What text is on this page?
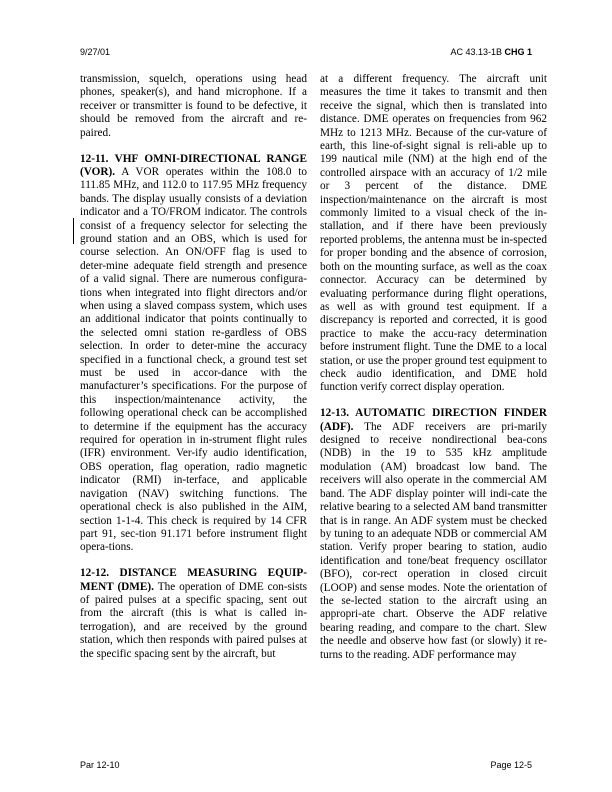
9/27/01	AC 43.13-1B CHG 1

transmission, squelch, operations using head phones, speaker(s), and hand microphone. If a receiver or transmitter is found to be defective, it should be removed from the aircraft and re-paired.

12-11. VHF OMNI-DIRECTIONAL RANGE (VOR). A VOR operates within the 108.0 to 111.85 MHz, and 112.0 to 117.95 MHz frequency bands. The display usually consists of a deviation indicator and a TO/FROM indicator. The controls consist of a frequency selector for selecting the ground station and an OBS, which is used for course selection. An ON/OFF flag is used to deter-mine adequate field strength and presence of a valid signal. There are numerous configura-tions when integrated into flight directors and/or when using a slaved compass system, which uses an additional indicator that points continually to the selected omni station re-gardless of OBS selection. In order to deter-mine the accuracy specified in a functional check, a ground test set must be used in accor-dance with the manufacturer’s specifications. For the purpose of this inspection/maintenance activity, the following operational check can be accomplished to determine if the equipment has the accuracy required for operation in in-strument flight rules (IFR) environment. Ver-ify audio identification, OBS operation, flag operation, radio magnetic indicator (RMI) in-terface, and applicable navigation (NAV) switching functions. The operational check is also published in the AIM, section 1-1-4. This check is required by 14 CFR part 91, sec-tion 91.171 before instrument flight opera-tions.

12-12. DISTANCE MEASURING EQUIP-MENT (DME). The operation of DME con-sists of paired pulses at a specific spacing, sent out from the aircraft (this is what is called in-terrogation), and are received by the ground station, which then responds with paired pulses at the specific spacing sent by the aircraft, but

at a different frequency. The aircraft unit measures the time it takes to transmit and then receive the signal, which then is translated into distance. DME operates on frequencies from 962 MHz to 1213 MHz. Because of the cur-vature of earth, this line-of-sight signal is reli-able up to 199 nautical mile (NM) at the high end of the controlled airspace with an accuracy of 1/2 mile or 3 percent of the distance. DME inspection/maintenance on the aircraft is most commonly limited to a visual check of the in-stallation, and if there have been previously reported problems, the antenna must be in-spected for proper bonding and the absence of corrosion, both on the mounting surface, as well as the coax connector. Accuracy can be determined by evaluating performance during flight operations, as well as with ground test equipment. If a discrepancy is reported and corrected, it is good practice to make the accu-racy determination before instrument flight. Tune the DME to a local station, or use the proper ground test equipment to check audio identification, and DME hold function verify correct display operation.

12-13. AUTOMATIC DIRECTION FINDER (ADF). The ADF receivers are pri-marily designed to receive nondirectional bea-cons (NDB) in the 19 to 535 kHz amplitude modulation (AM) broadcast low band. The receivers will also operate in the commercial AM band. The ADF display pointer will indi-cate the relative bearing to a selected AM band transmitter that is in range. An ADF system must be checked by tuning to an adequate NDB or commercial AM station. Verify proper bearing to station, audio identification and tone/beat frequency oscillator (BFO), cor-rect operation in closed circuit (LOOP) and sense modes. Note the orientation of the se-lected station to the aircraft using an appropri-ate chart. Observe the ADF relative bearing reading, and compare to the chart. Slew the needle and observe how fast (or slowly) it re-turns to the reading. ADF performance may

Par 12-10	Page 12-5
